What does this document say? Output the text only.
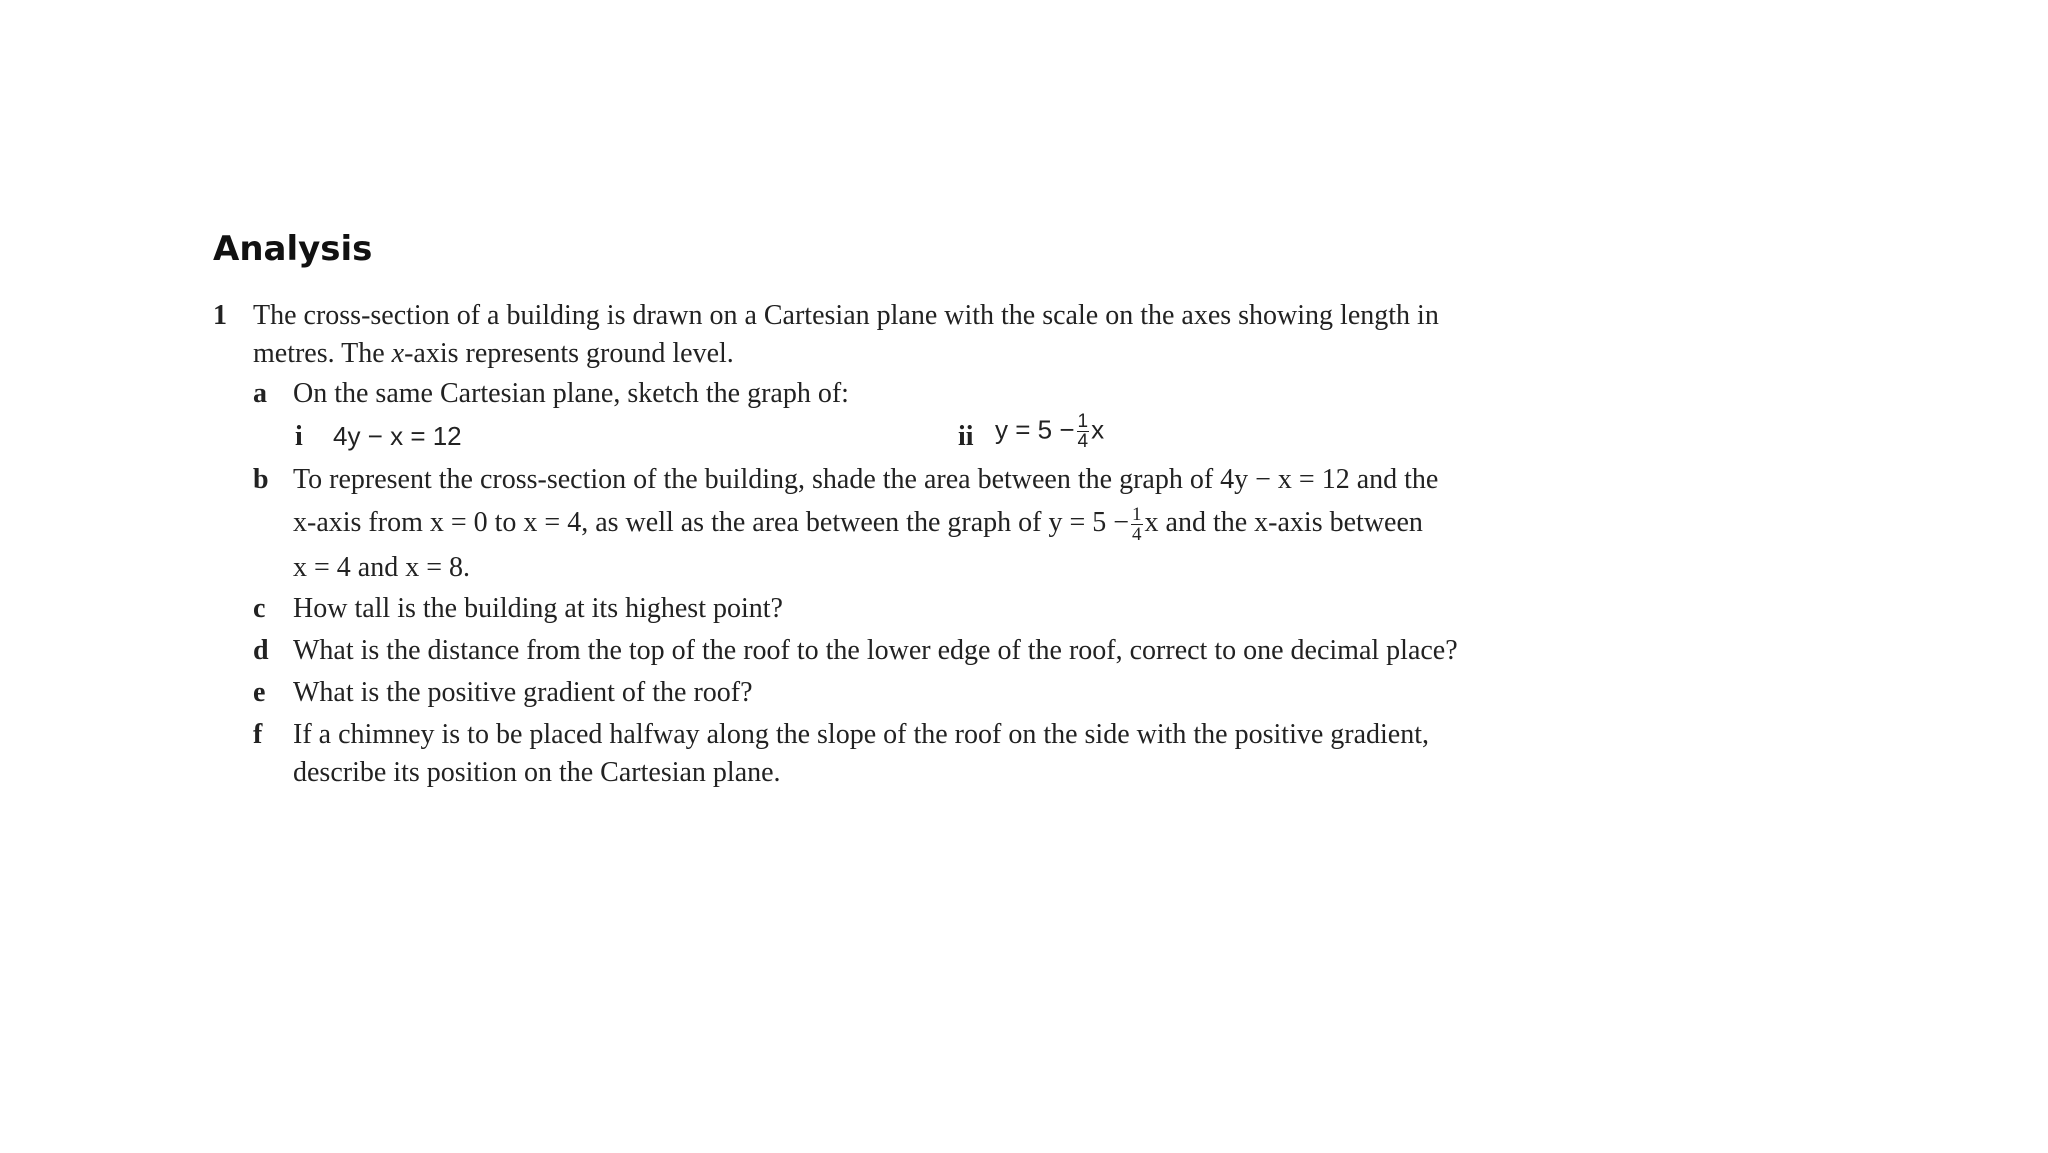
Analysis
1 The cross-section of a building is drawn on a Cartesian plane with the scale on the axes showing length in
metres. The x-axis represents ground level.
a On the same Cartesian plane, sketch the graph of:
i 4y − x = 12	ii $y = 5 - \frac{1}{4}$ x
b To represent the cross-section of the building, shade the area between the graph of 4y − x = 12 and the
x-axis from x = 0 to x = 4, as well as the area between the graph of $y = 5 - \frac{1}{4}$ x and the x-axis between
x = 4 and x = 8.
c How tall is the building at its highest point?
d What is the distance from the top of the roof to the lower edge of the roof, correct to one decimal place?
e What is the positive gradient of the roof?
f If a chimney is to be placed halfway along the slope of the roof on the side with the positive gradient,
describe its position on the Cartesian plane.
